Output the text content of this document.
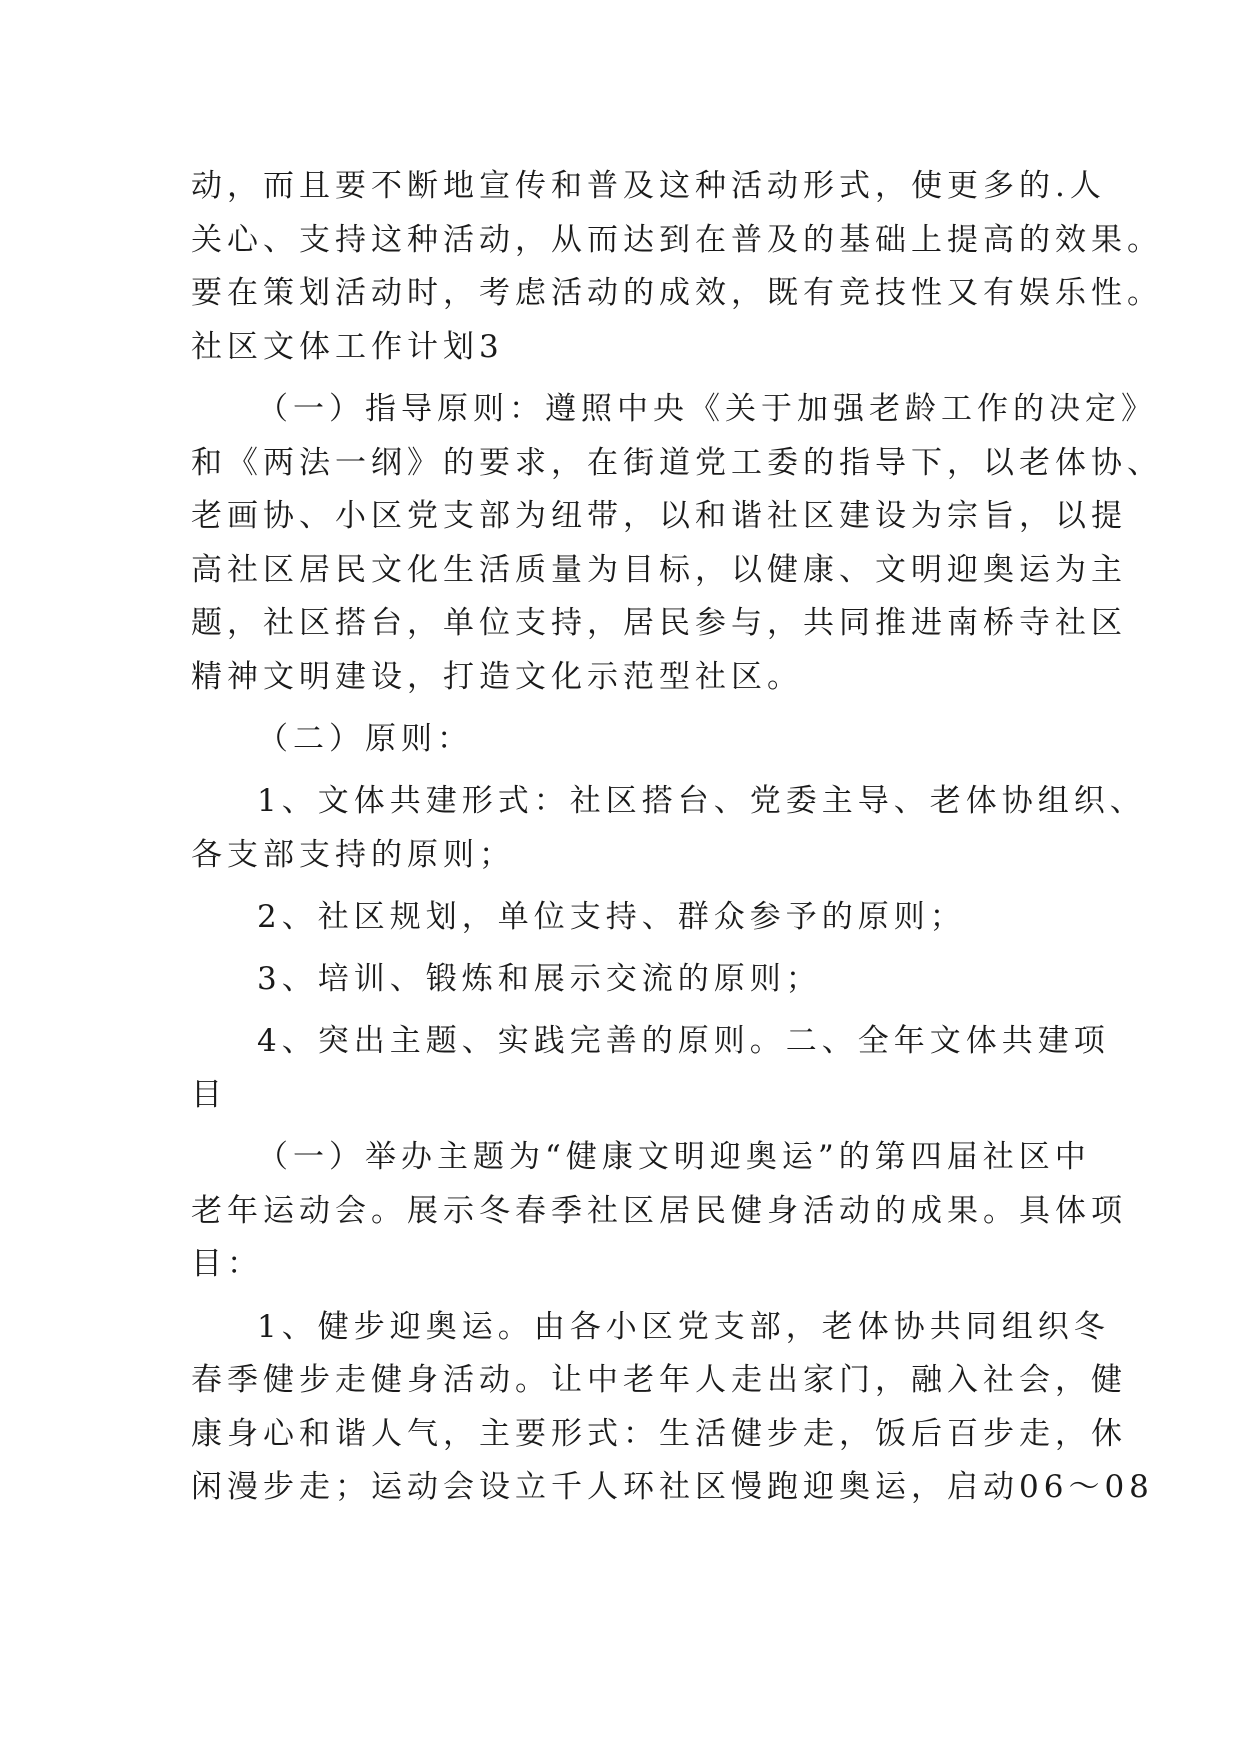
动，而且要不断地宣传和普及这种活动形式，使更多的.人

关心、支持这种活动，从而达到在普及的基础上提高的效果。

要在策划活动时，考虑活动的成效，既有竞技性又有娱乐性。

社区文体工作计划3

（一）指导原则：遵照中央《关于加强老龄工作的决定》

和《两法一纲》的要求，在街道党工委的指导下，以老体协、

老画协、小区党支部为纽带，以和谐社区建设为宗旨，以提

高社区居民文化生活质量为目标，以健康、文明迎奥运为主

题，社区搭台，单位支持，居民参与，共同推进南桥寺社区

精神文明建设，打造文化示范型社区。

（二）原则：

1、文体共建形式：社区搭台、党委主导、老体协组织、

各支部支持的原则；

2、社区规划，单位支持、群众参予的原则；

3、培训、锻炼和展示交流的原则；

4、突出主题、实践完善的原则。二、全年文体共建项

目

（一）举办主题为“健康文明迎奥运”的第四届社区中

老年运动会。展示冬春季社区居民健身活动的成果。具体项

目：

1、健步迎奥运。由各小区党支部，老体协共同组织冬

春季健步走健身活动。让中老年人走出家门，融入社会，健

康身心和谐人气，主要形式：生活健步走，饭后百步走，休

闲漫步走；运动会设立千人环社区慢跑迎奥运，启动06～08
